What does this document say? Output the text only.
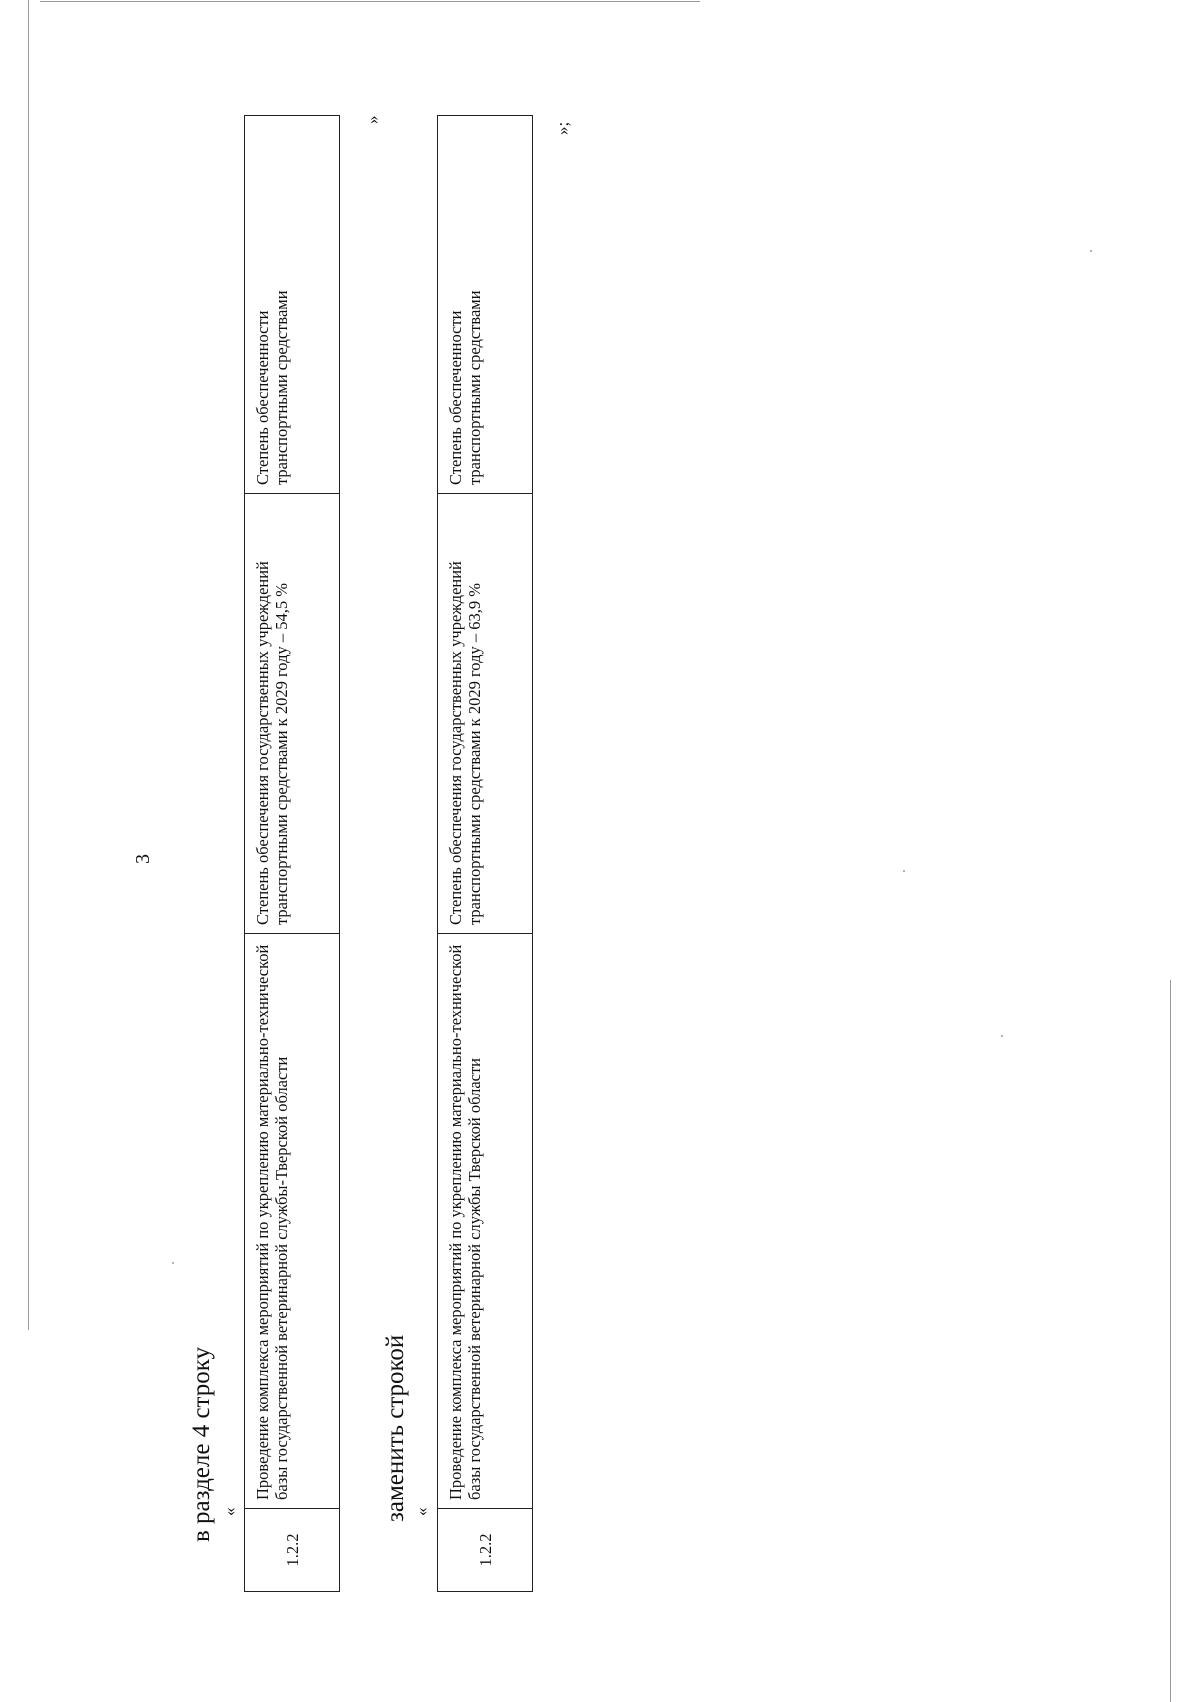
3
в разделе 4 строку «
1.2.2	Проведение комплекса мероприятий по укреплению материально-технической базы государственной ветеринарной службы-Тверской области	Степень обеспечения государственных учреждений транспортными средствами к 2029 году – 54,5 %	Степень обеспеченности транспортными средствами
»
заменить строкой «
1.2.2	Проведение комплекса мероприятий по укреплению материально-технической базы государственной ветеринарной службы Тверской области	Степень обеспечения государственных учреждений транспортными средствами к 2029 году – 63,9 %	Степень обеспеченности транспортными средствами
»;
